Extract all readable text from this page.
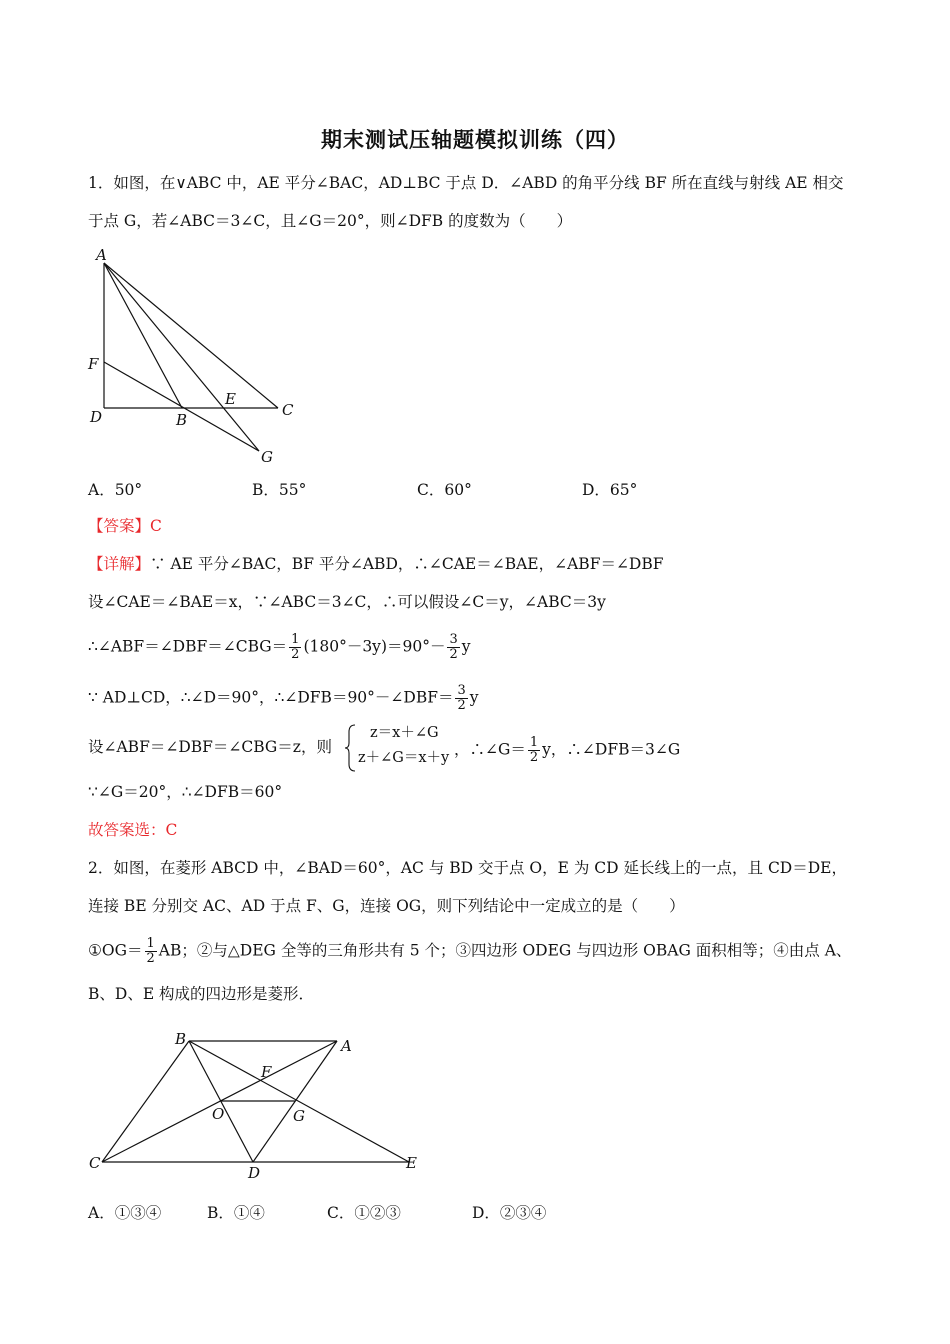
期末测试压轴题模拟训练（四）
1．如图，在∨ABC 中，AE 平分∠BAC，AD⊥BC 于点 D．∠ABD 的角平分线 BF 所在直线与射线 AE 相交
于点 G，若∠ABC＝3∠C，且∠G＝20°，则∠DFB 的度数为（　　）
A
F
D	B
E
C
G
A．50°	B．55°	C．60°	D．65°
【答案】C
【详解】∵ AE 平分∠BAC，BF 平分∠ABD，∴∠CAE＝∠BAE，∠ABF＝∠DBF
设∠CAE＝∠BAE＝x，∵∠ABC＝3∠C，∴可以假设∠C＝y，∠ABC＝3y
∴∠ABF＝∠DBF＝∠CBG＝ $\frac{1}{2} (180^\circ-3y)=90^\circ- \frac{3}{2}$ y
∵ AD⊥CD，∴∠D＝90°，∴∠DFB＝90°－∠DBF＝ $\frac{3}{2}$ y
设∠ABF＝∠DBF＝∠CBG＝z，则
z＝x＋∠G
z＋∠G＝x＋y ，∴∠G＝ $\frac{1}{2}$ y，∴∠DFB＝3∠G
∵∠G＝20°，∴∠DFB＝60°
故答案选：C
2．如图，在菱形 ABCD 中，∠BAD＝60°，AC 与 BD 交于点 O，E 为 CD 延长线上的一点，且 CD＝DE，
连接 BE 分别交 AC、AD 于点 F、G，连接 OG，则下列结论中一定成立的是（　　）
①OG＝ $\frac{1}{2}$ AB；②与△DEG 全等的三角形共有 5 个；③四边形 ODEG 与四边形 OBAG 面积相等；④由点 A、
B、D、E 构成的四边形是菱形．
B	A
F
O	G
C
D
E
A．①③④	B．①④	C．①②③	D．②③④
